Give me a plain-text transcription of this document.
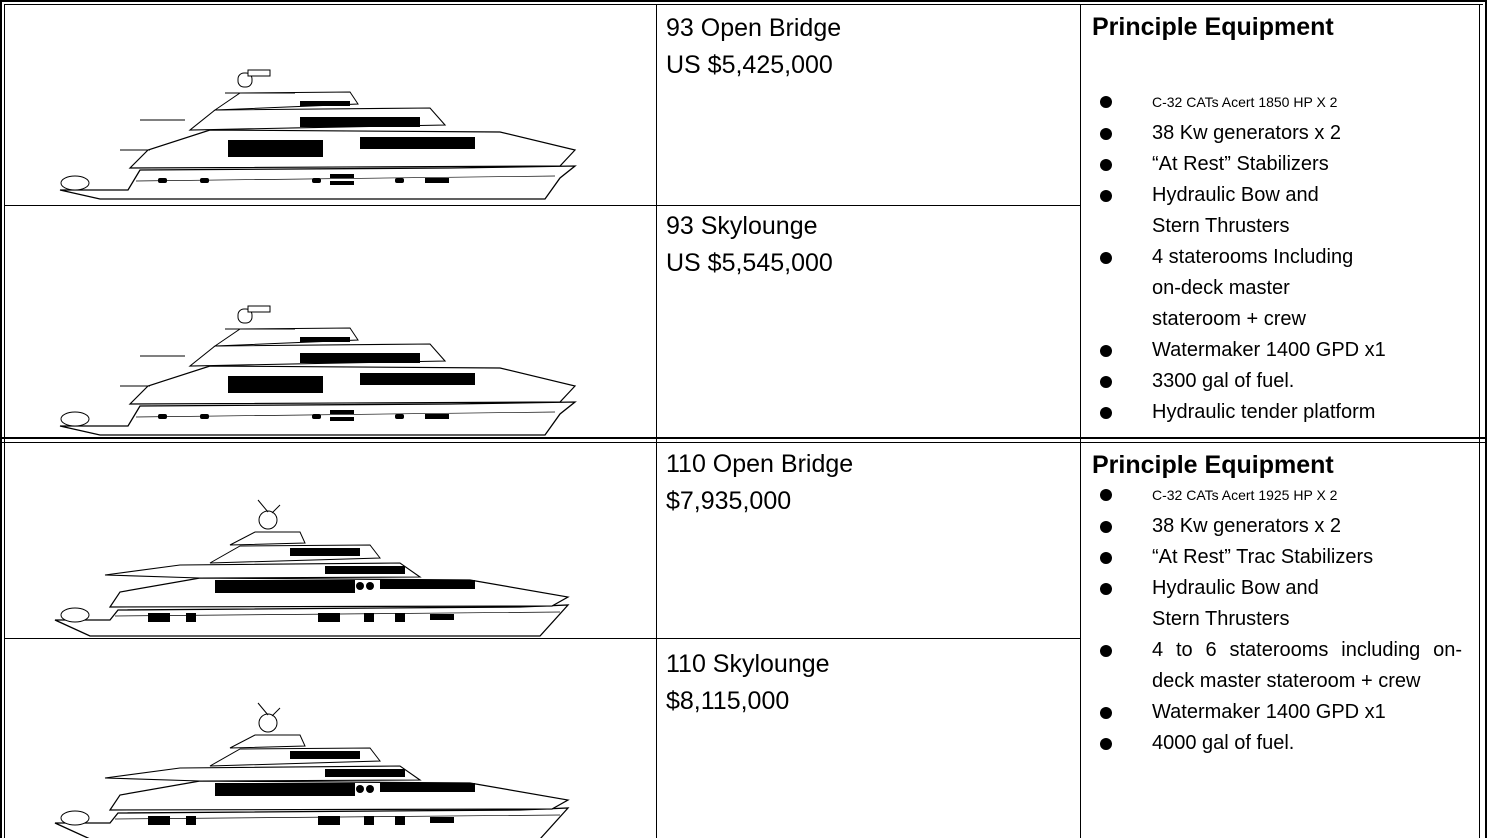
93 Open Bridge
US $5,425,000
93 Skylounge
US $5,545,000
Principle Equipment
C-32 CATs Acert 1850 HP X 2
38 Kw generators x 2
“At Rest” Stabilizers
Hydraulic Bow and Stern Thrusters
4 staterooms Including on-deck master stateroom + crew
Watermaker 1400 GPD x1
3300 gal of fuel.
Hydraulic tender platform
110 Open Bridge
$7,935,000
110 Skylounge
$8,115,000
Principle Equipment
C-32 CATs Acert 1925 HP X 2
38 Kw generators x 2
“At Rest” Trac Stabilizers
Hydraulic Bow and Stern Thrusters
4 to 6 staterooms including on-deck master stateroom + crew
Watermaker 1400 GPD x1
4000 gal of fuel.
